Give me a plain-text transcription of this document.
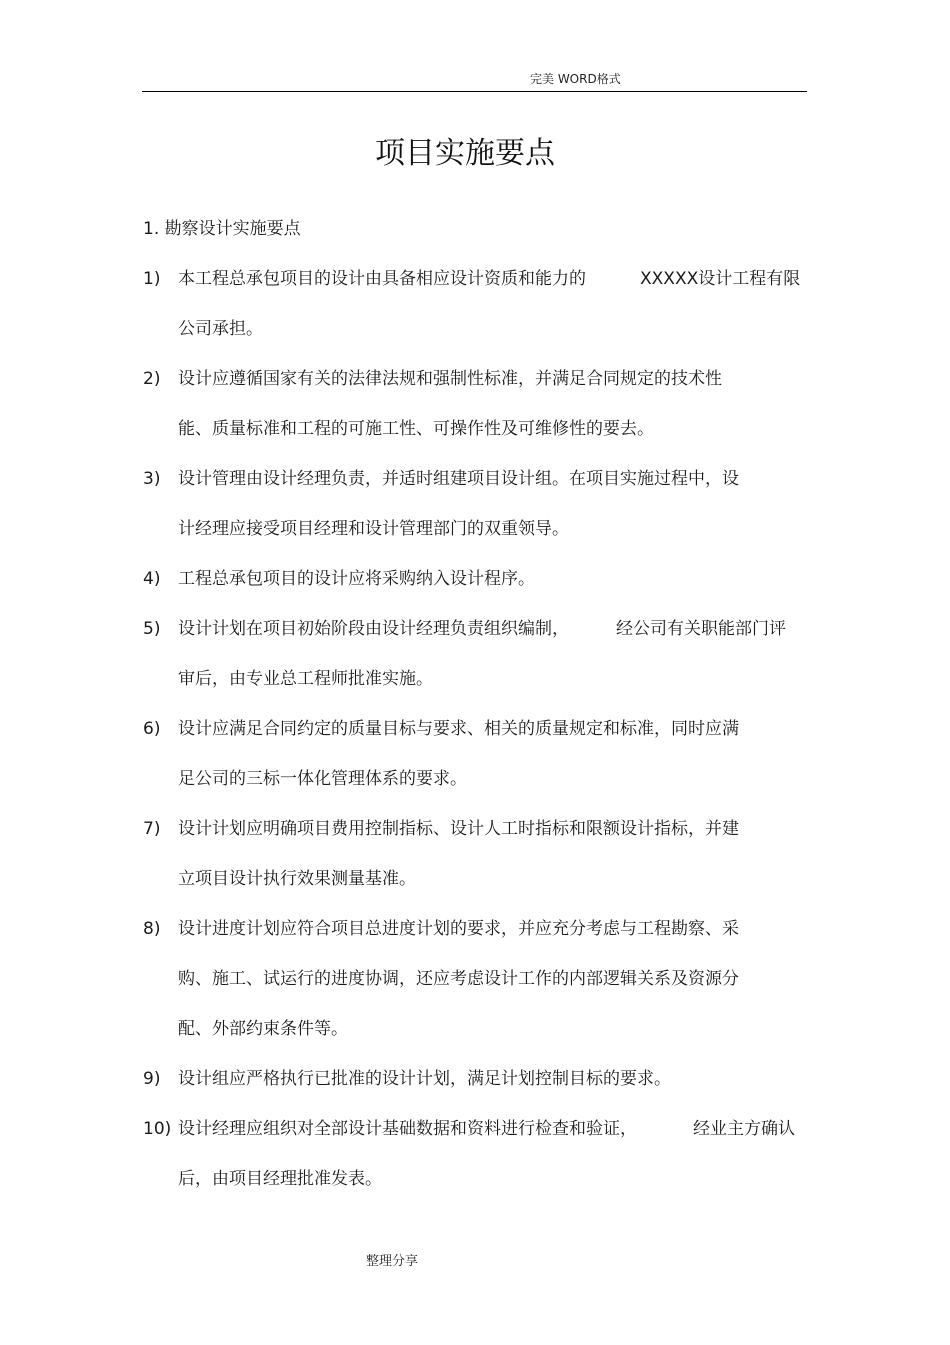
完美 WORD格式
项目实施要点
1. 勘察设计实施要点
1) 本工程总承包项目的设计由具备相应设计资质和能力的	XXXXX设计工程有限
公司承担。
2) 设计应遵循国家有关的法律法规和强制性标准，并满足合同规定的技术性
能、质量标准和工程的可施工性、可操作性及可维修性的要去。
3) 设计管理由设计经理负责，并适时组建项目设计组。在项目实施过程中，设
计经理应接受项目经理和设计管理部门的双重领导。
4) 工程总承包项目的设计应将采购纳入设计程序。
5) 设计计划在项目初始阶段由设计经理负责组织编制，	经公司有关职能部门评
审后，由专业总工程师批准实施。
6) 设计应满足合同约定的质量目标与要求、相关的质量规定和标准，同时应满
足公司的三标一体化管理体系的要求。
7) 设计计划应明确项目费用控制指标、设计人工时指标和限额设计指标，并建
立项目设计执行效果测量基准。
8) 设计进度计划应符合项目总进度计划的要求，并应充分考虑与工程勘察、采
购、施工、试运行的进度协调，还应考虑设计工作的内部逻辑关系及资源分
配、外部约束条件等。
9) 设计组应严格执行已批准的设计计划，满足计划控制目标的要求。
10) 设计经理应组织对全部设计基础数据和资料进行检查和验证，	经业主方确认
后，由项目经理批准发表。
整理分享
